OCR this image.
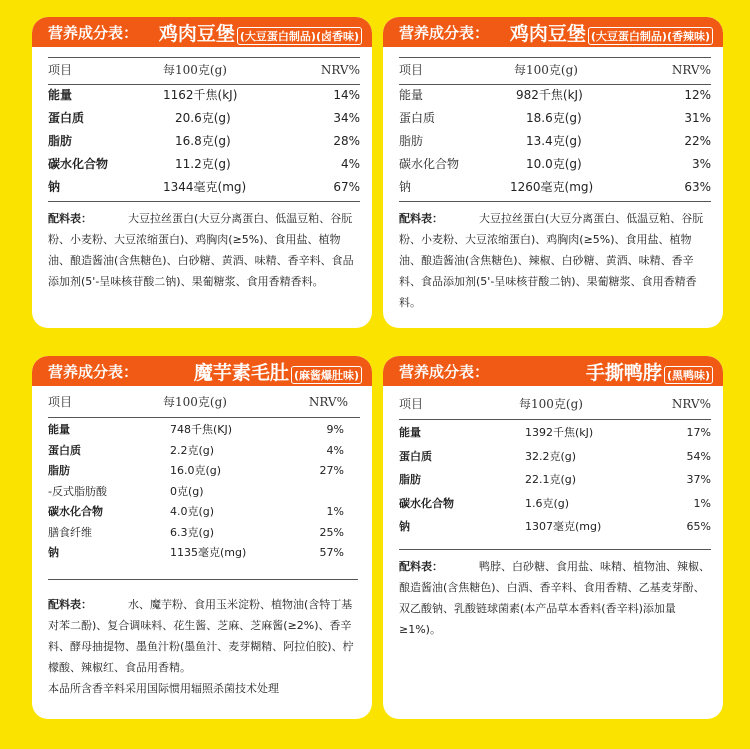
营养成分表： 鸡肉豆堡 (大豆蛋白制品)(卤香味)
项目	每100克(g)	NRV%
能量	1162千焦(kJ)	14%
蛋白质	20.6克(g)	34%
脂肪	16.8克(g)	28%
碳水化合物	11.2克(g)	4%
钠	1344毫克(mg)	67%
配料表：	大豆拉丝蛋白(大豆分离蛋白、低温豆粕、谷朊粉、小麦粉、大豆浓缩蛋白)、鸡胸肉(≥5%)、食用盐、植物油、酿造酱油(含焦糖色)、白砂糖、黄酒、味精、香辛料、食品添加剂(5'-呈味核苷酸二钠)、果葡糖浆、食用香精香料。
营养成分表： 鸡肉豆堡 (大豆蛋白制品)(香辣味)
项目	每100克(g)	NRV%
能量	982千焦(kJ)	12%
蛋白质	18.6克(g)	31%
脂肪	13.4克(g)	22%
碳水化合物	10.0克(g)	3%
钠	1260毫克(mg)	63%
配料表：	大豆拉丝蛋白(大豆分离蛋白、低温豆粕、谷朊粉、小麦粉、大豆浓缩蛋白)、鸡胸肉(≥5%)、食用盐、植物油、酿造酱油(含焦糖色)、辣椒、白砂糖、黄酒、味精、香辛料、食品添加剂(5'-呈味核苷酸二钠)、果葡糖浆、食用香精香料。
营养成分表：	魔芋素毛肚 (麻酱爆肚味)
项目	每100克(g)	NRV%
能量	748千焦(KJ)	9%
蛋白质	2.2克(g)	4%
脂肪	16.0克(g)	27%
-反式脂肪酸	0克(g)
碳水化合物	4.0克(g)	1%
膳食纤维	6.3克(g)	25%
钠	1135毫克(mg)	57%
配料表：	水、魔芋粉、食用玉米淀粉、植物油(含特丁基对苯二酚)、复合调味料、花生酱、芝麻、芝麻酱(≥2%)、香辛料、酵母抽提物、墨鱼汁粉(墨鱼汁、麦芽糊精、阿拉伯胶)、柠檬酸、辣椒红、食品用香精。
本品所含香辛料采用国际惯用辐照杀菌技术处理
营养成分表：	手撕鸭脖 (黑鸭味)
项目	每100克(g)	NRV%
能量	1392千焦(kJ)	17%
蛋白质	32.2克(g)	54%
脂肪	22.1克(g)	37%
碳水化合物	1.6克(g)	1%
钠	1307毫克(mg)	65%
配料表：	鸭脖、白砂糖、食用盐、味精、植物油、辣椒、酿造酱油(含焦糖色)、白酒、香辛料、食用香精、乙基麦芽酚、双乙酸钠、乳酸链球菌素(本产品草本香料(香辛料)添加量≥1%)。
